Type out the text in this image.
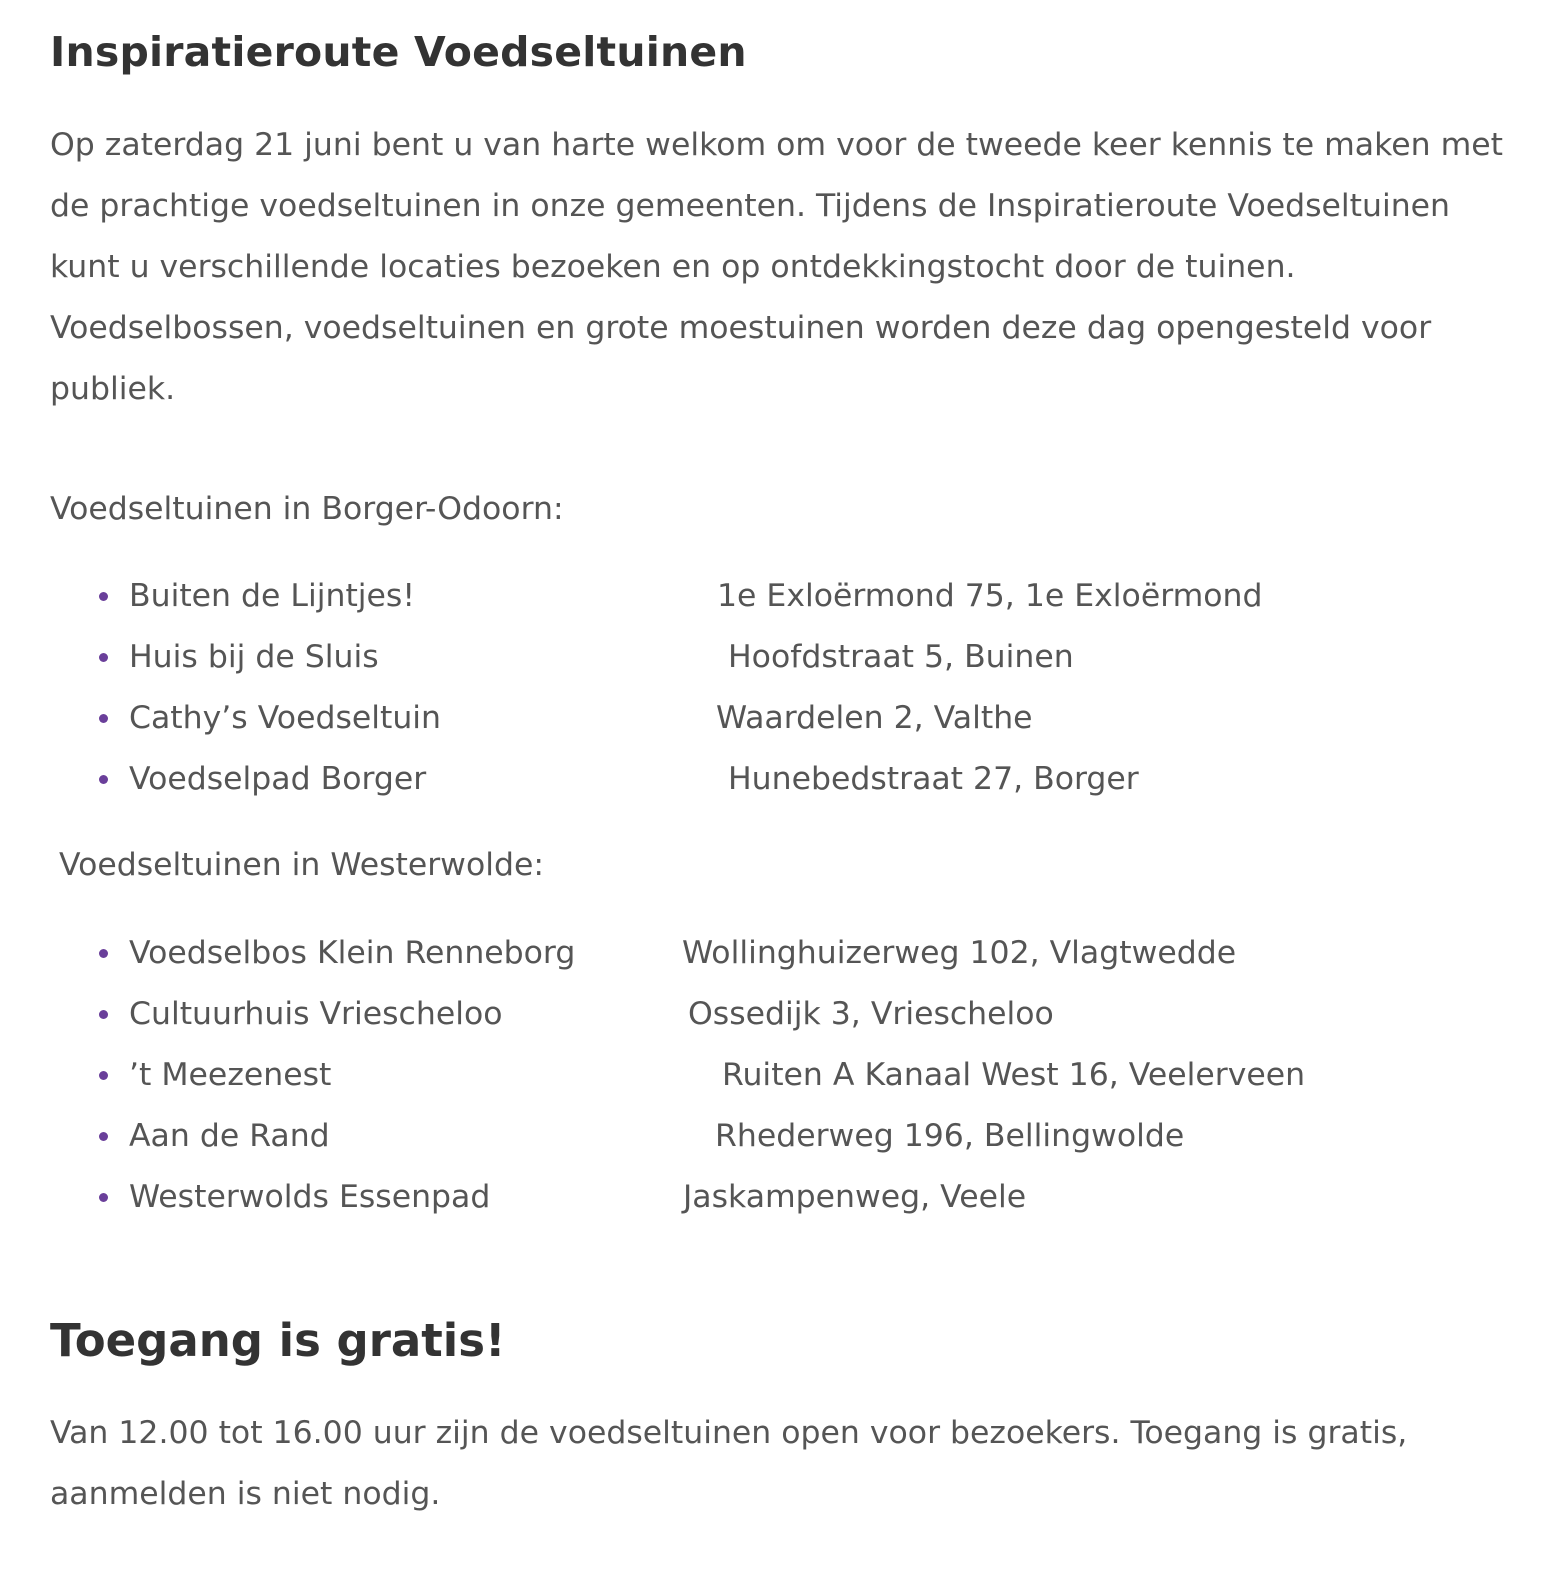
Inspiratieroute Voedseltuinen

Op zaterdag 21 juni bent u van harte welkom om voor de tweede keer kennis te maken met de prachtige voedseltuinen in onze gemeenten. Tijdens de Inspiratieroute Voedseltuinen kunt u verschillende locaties bezoeken en op ontdekkingstocht door de tuinen. Voedselbossen, voedseltuinen en grote moestuinen worden deze dag opengesteld voor publiek.

Voedseltuinen in Borger-Odoorn:

Buiten de Lijntjes!	1e Exloërmond 75, 1e Exloërmond
Huis bij de Sluis	Hoofdstraat 5, Buinen
Cathy’s Voedseltuin	Waardelen 2, Valthe
Voedselpad Borger	Hunebedstraat 27, Borger

Voedseltuinen in Westerwolde:

Voedselbos Klein Renneborg	Wollinghuizerweg 102, Vlagtwedde
Cultuurhuis Vriescheloo	Ossedijk 3, Vriescheloo
’t Meezenest	Ruiten A Kanaal West 16, Veelerveen
Aan de Rand	Rhederweg 196, Bellingwolde
Westerwolds Essenpad	Jaskampenweg, Veele
Toegang is gratis!

Van 12.00 tot 16.00 uur zijn de voedseltuinen open voor bezoekers. Toegang is gratis, aanmelden is niet nodig.
